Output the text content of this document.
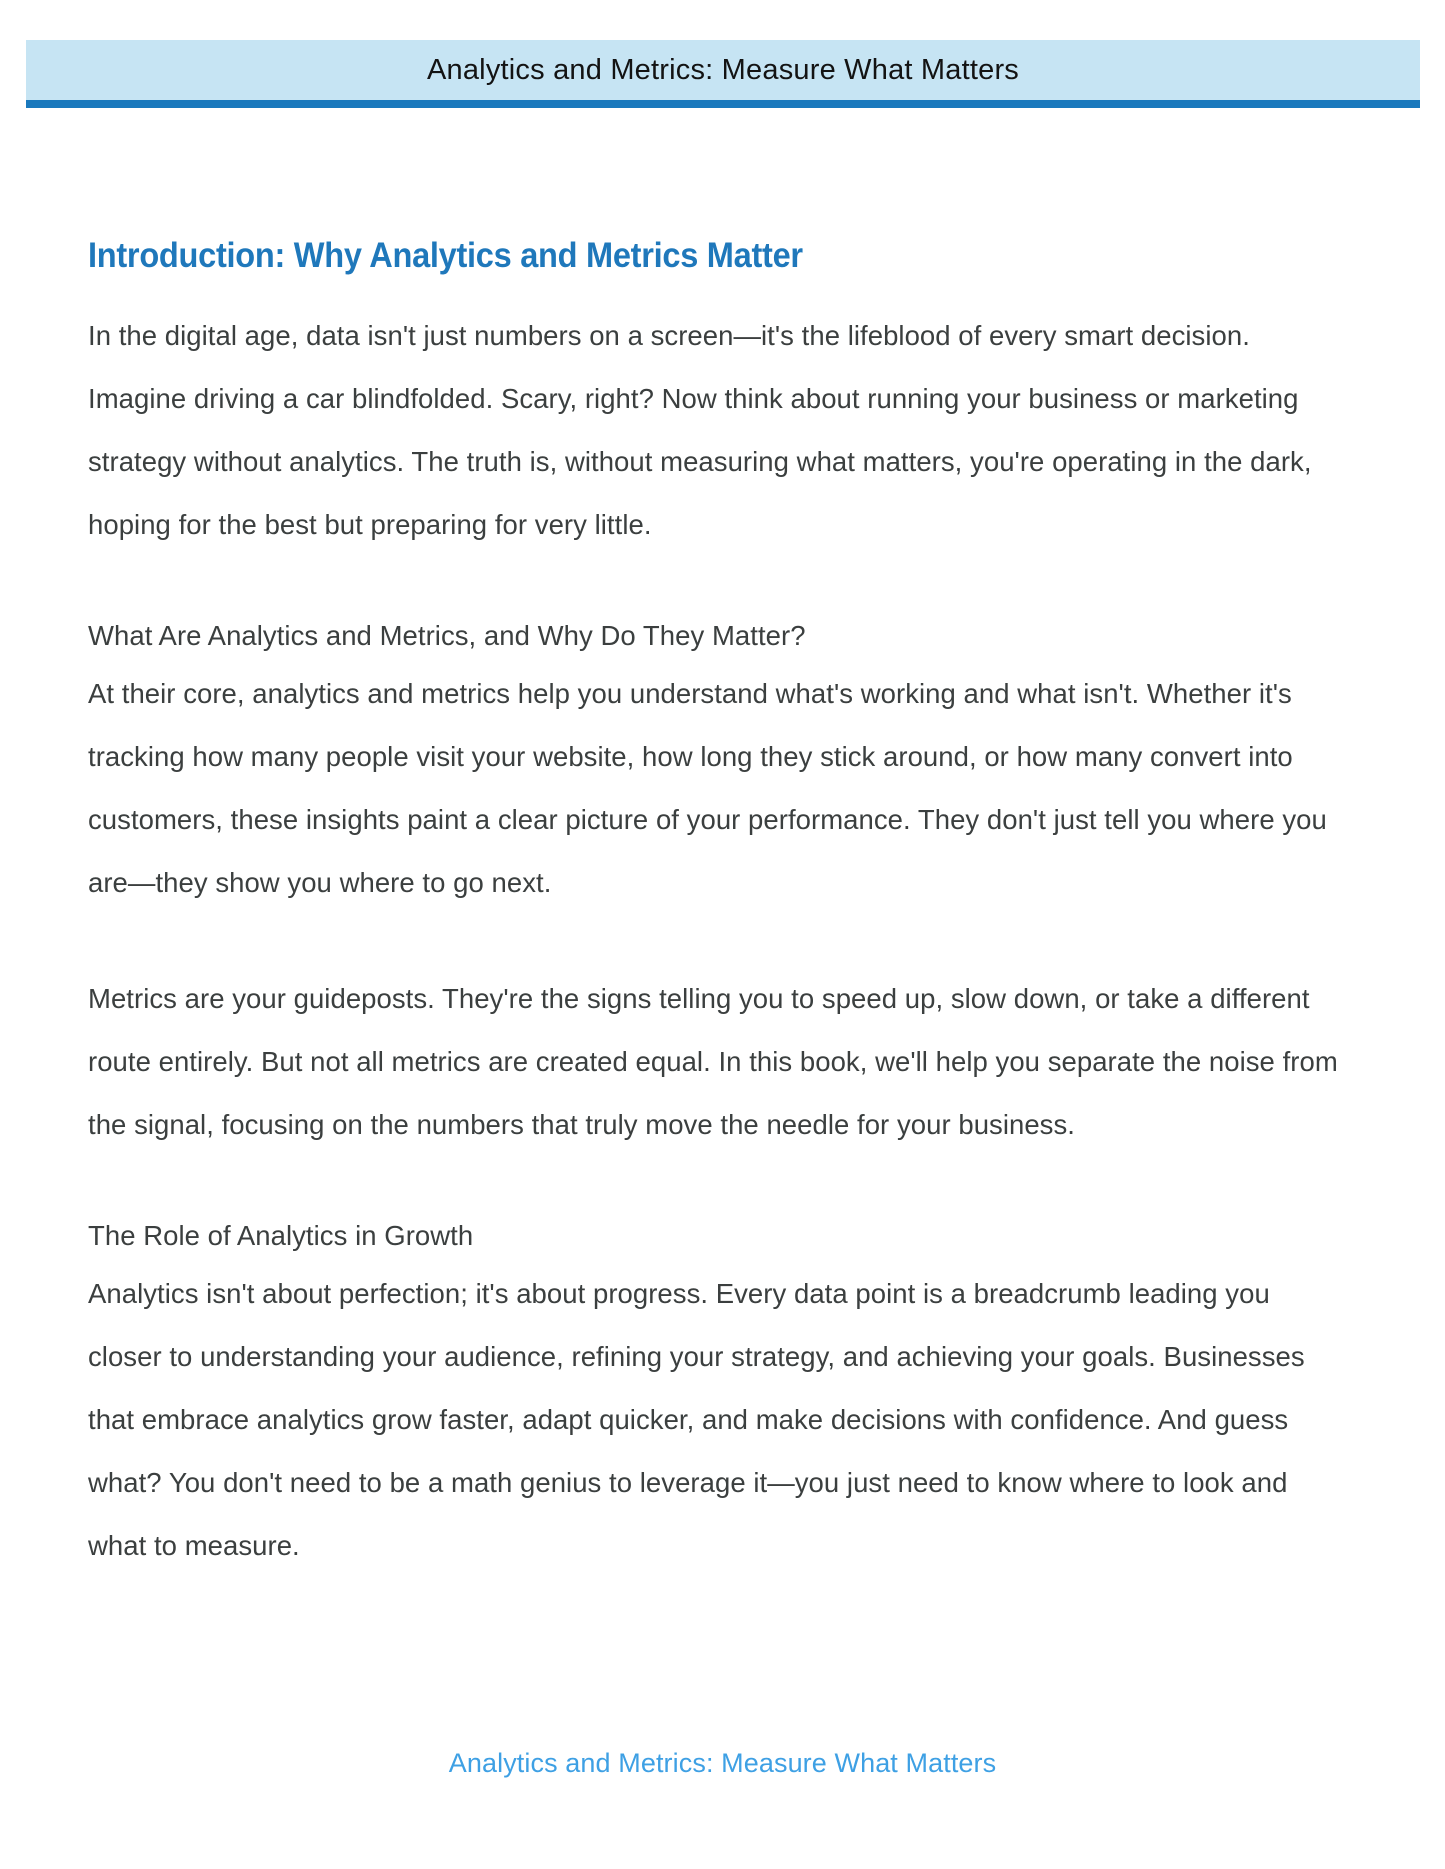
Analytics and Metrics: Measure What Matters
Introduction: Why Analytics and Metrics Matter

In the digital age, data isn't just numbers on a screen—it's the lifeblood of every smart decision. Imagine driving a car blindfolded. Scary, right? Now think about running your business or marketing strategy without analytics. The truth is, without measuring what matters, you're operating in the dark, hoping for the best but preparing for very little.

What Are Analytics and Metrics, and Why Do They Matter?

At their core, analytics and metrics help you understand what's working and what isn't. Whether it's tracking how many people visit your website, how long they stick around, or how many convert into customers, these insights paint a clear picture of your performance. They don't just tell you where you are—they show you where to go next.

Metrics are your guideposts. They're the signs telling you to speed up, slow down, or take a different route entirely. But not all metrics are created equal. In this book, we'll help you separate the noise from the signal, focusing on the numbers that truly move the needle for your business.

The Role of Analytics in Growth

Analytics isn't about perfection; it's about progress. Every data point is a breadcrumb leading you closer to understanding your audience, refining your strategy, and achieving your goals. Businesses that embrace analytics grow faster, adapt quicker, and make decisions with confidence. And guess what? You don't need to be a math genius to leverage it—you just need to know where to look and what to measure.

Analytics and Metrics: Measure What Matters
